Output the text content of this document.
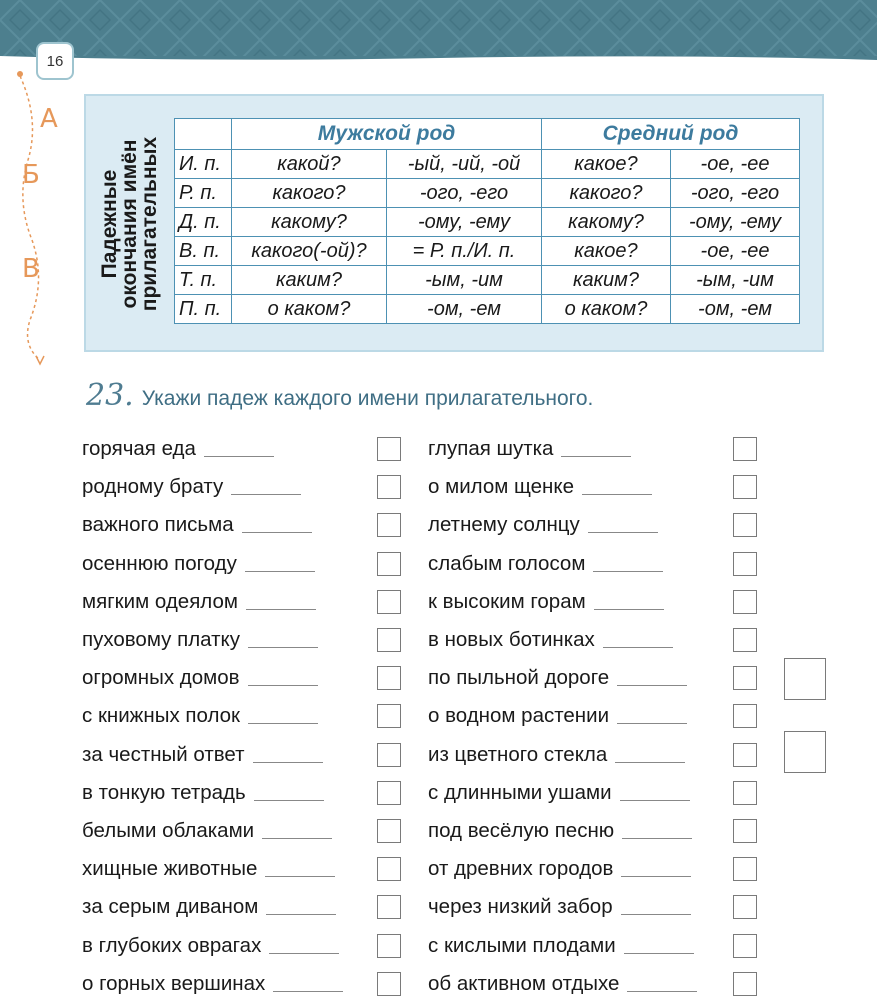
16
А
Б
В	Падежные
окончания имён
прилагательных
	Мужской род		Средний род	
И. п.	какой?	-ый, -ий, -ой	какое?	-ое, -ее
Р. п.	какого?	-ого, -его	какого?	-ого, -его
Д. п.	какому?	-ому, -ему	какому?	-ому, -ему
В. п.	какого(-ой)?	= Р. п./И. п.	какое?	-ое, -ее
Т. п.	каким?	-ым, -им	каким?	-ым, -им
П. п.	о каком?	-ом, -ем	о каком?	-ом, -ем
23. Укажи падеж каждого имени прилагательного.
горячая еда
родному брату
важного письма
осеннюю погоду
мягким одеялом
пуховому платку
огромных домов
с книжных полок
за честный ответ
в тонкую тетрадь
белыми облаками
хищные животные
за серым диваном
в глубоких оврагах
о горных вершинах
глупая шутка
о милом щенке
летнему солнцу
слабым голосом
к высоким горам
в новых ботинках
по пыльной дороге
о водном растении
из цветного стекла
с длинными ушами
под весёлую песню
от древних городов
через низкий забор
с кислыми плодами
об активном отдыхе
